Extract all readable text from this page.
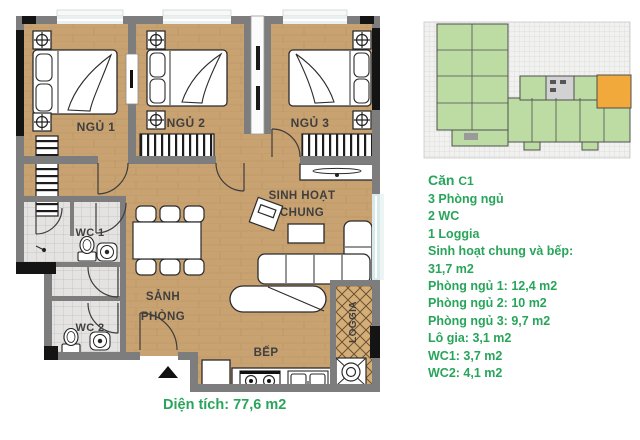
NGỦ 1	NGỦ 2	NGỦ 3
SINH HOẠT
CHUNG
WC 1
WC 2
SẢNH
PHÒNG
BẾP
LOGGIA
Căn C1
3 Phòng ngủ
2 WC
1 Loggia
Sinh hoạt chung và bếp:
31,7 m2
Phòng ngủ 1: 12,4 m2
Phòng ngủ 2: 10 m2
Phòng ngủ 3: 9,7 m2
Lô gia: 3,1 m2
WC1: 3,7 m2
WC2: 4,1 m2
Diện tích: 77,6 m2
